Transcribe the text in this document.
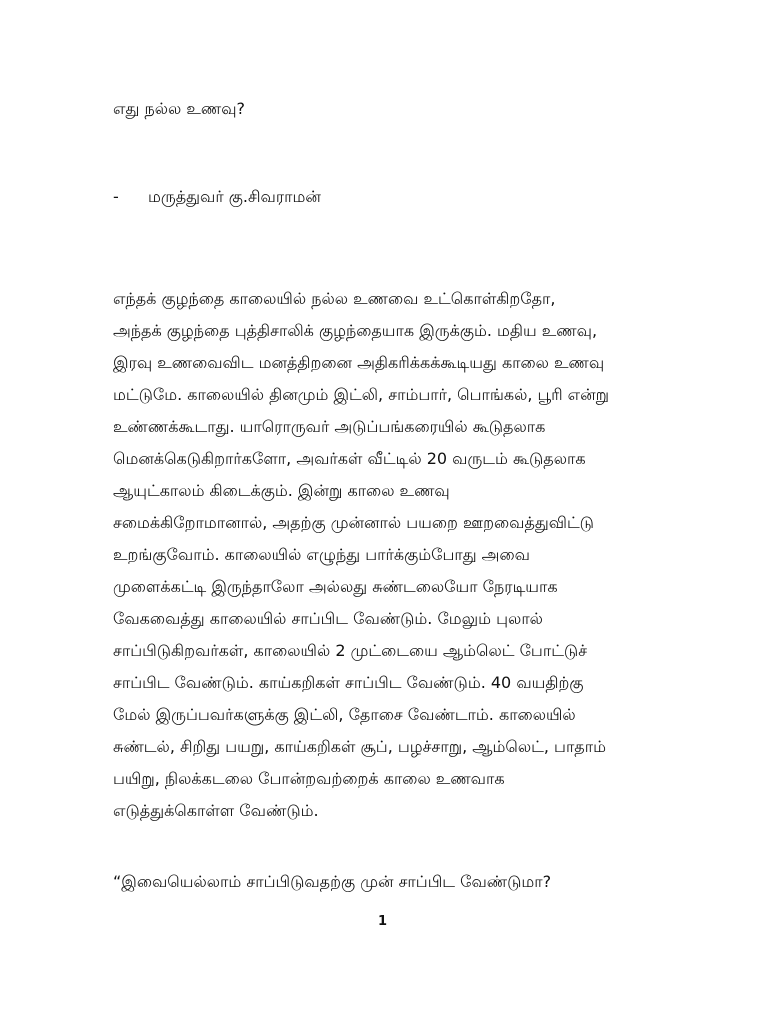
எது நல்ல உணவு?
- மருத்துவர் கு.சிவராமன்
எந்தக் குழந்தை காலையில் நல்ல உணவை உட்கொள்கிறதோ,
அந்தக் குழந்தை புத்திசாலிக் குழந்தையாக இருக்கும். மதிய உணவு,
இரவு உணவைவிட மனத்திறனை அதிகரிக்கக்கூடியது காலை உணவு
மட்டுமே. காலையில் தினமும் இட்லி, சாம்பார், பொங்கல், பூரி என்று
உண்ணக்கூடாது. யாரொருவர் அடுப்பங்கரையில் கூடுதலாக
மெனக்கெடுகிறார்களோ, அவர்கள் வீட்டில் 20 வருடம் கூடுதலாக
ஆயுட்காலம் கிடைக்கும். இன்று காலை உணவு
சமைக்கிறோமானால், அதற்கு முன்னால் பயறை ஊறவைத்துவிட்டு
உறங்குவோம். காலையில் எழுந்து பார்க்கும்போது அவை
முளைக்கட்டி இருந்தாலோ அல்லது சுண்டலையோ நேரடியாக
வேகவைத்து காலையில் சாப்பிட வேண்டும். மேலும் புலால்
சாப்பிடுகிறவர்கள், காலையில் 2 முட்டையை ஆம்லெட் போட்டுச்
சாப்பிட வேண்டும். காய்கறிகள் சாப்பிட வேண்டும். 40 வயதிற்கு
மேல் இருப்பவர்களுக்கு இட்லி, தோசை வேண்டாம். காலையில்
சுண்டல், சிறிது பயறு, காய்கறிகள் சூப், பழச்சாறு, ஆம்லெட், பாதாம்
பயிறு, நிலக்கடலை போன்றவற்றைக் காலை உணவாக
எடுத்துக்கொள்ள வேண்டும்.
“இவையெல்லாம் சாப்பிடுவதற்கு முன் சாப்பிட வேண்டுமா?
1
